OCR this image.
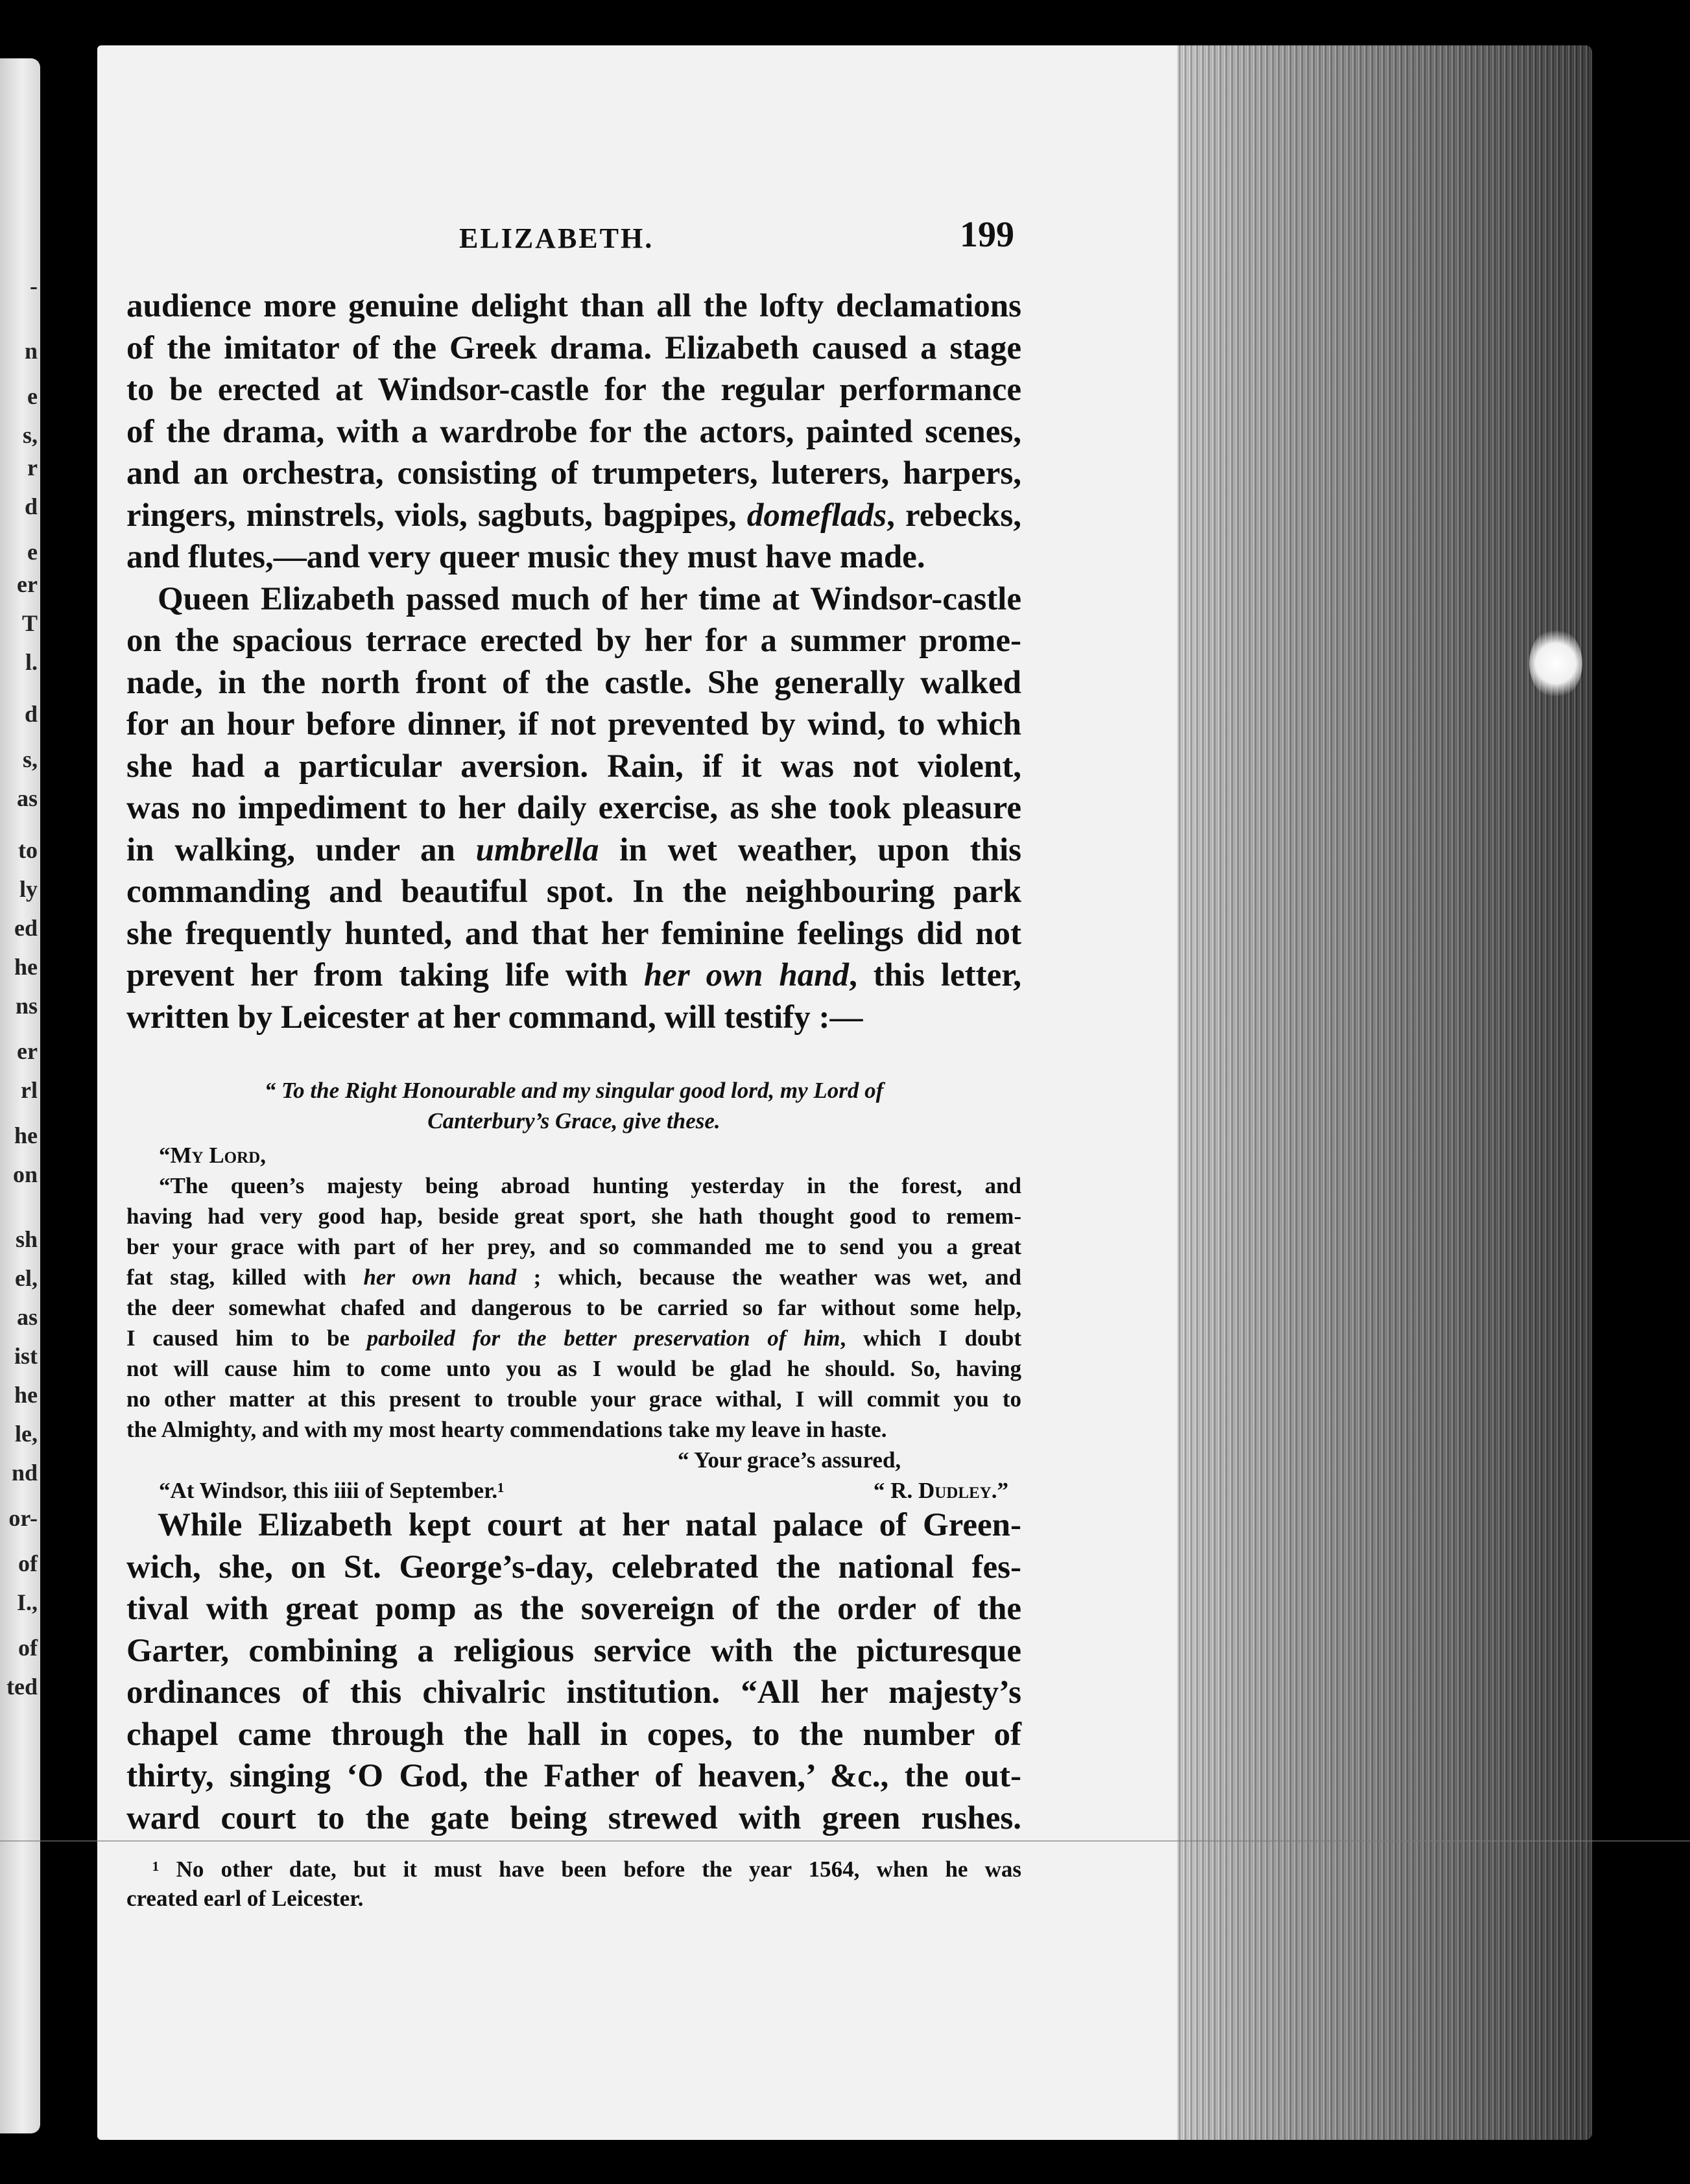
-
n
e
s,
r
d
e
er
T
l.
d
s,
as
to
ly
ed
he
ns
er
rl
he
on
sh
el,
as
ist
he
le,
nd
or-
of
I.,
of
ted
ELIZABETH.	199
audience more genuine delight than all the lofty declamations
of the imitator of the Greek drama. Elizabeth caused a stage
to be erected at Windsor-castle for the regular performance
of the drama, with a wardrobe for the actors, painted scenes,
and an orchestra, consisting of trumpeters, luterers, harpers,
ringers, minstrels, viols, sagbuts, bagpipes, domeflads, rebecks,
and flutes,—and very queer music they must have made.
Queen Elizabeth passed much of her time at Windsor-castle
on the spacious terrace erected by her for a summer prome-
nade, in the north front of the castle. She generally walked
for an hour before dinner, if not prevented by wind, to which
she had a particular aversion. Rain, if it was not violent,
was no impediment to her daily exercise, as she took pleasure
in walking, under an umbrella in wet weather, upon this
commanding and beautiful spot. In the neighbouring park
she frequently hunted, and that her feminine feelings did not
prevent her from taking life with her own hand, this letter,
written by Leicester at her command, will testify :—
“ To the Right Honourable and my singular good lord, my Lord of
Canterbury’s Grace, give these.
“My Lord,
“The queen’s majesty being abroad hunting yesterday in the forest, and
having had very good hap, beside great sport, she hath thought good to remem-
ber your grace with part of her prey, and so commanded me to send you a great
fat stag, killed with her own hand ; which, because the weather was wet, and
the deer somewhat chafed and dangerous to be carried so far without some help,
I caused him to be parboiled for the better preservation of him, which I doubt
not will cause him to come unto you as I would be glad he should. So, having
no other matter at this present to trouble your grace withal, I will commit you to
the Almighty, and with my most hearty commendations take my leave in haste.
“ Your grace’s assured,
“At Windsor, this iiii of September.¹	“ R. Dudley.”
While Elizabeth kept court at her natal palace of Green-
wich, she, on St. George’s-day, celebrated the national fes-
tival with great pomp as the sovereign of the order of the
Garter, combining a religious service with the picturesque
ordinances of this chivalric institution. “All her majesty’s
chapel came through the hall in copes, to the number of
thirty, singing ‘O God, the Father of heaven,’ &c., the out-
ward court to the gate being strewed with green rushes.
¹ No other date, but it must have been before the year 1564, when he was
created earl of Leicester.
